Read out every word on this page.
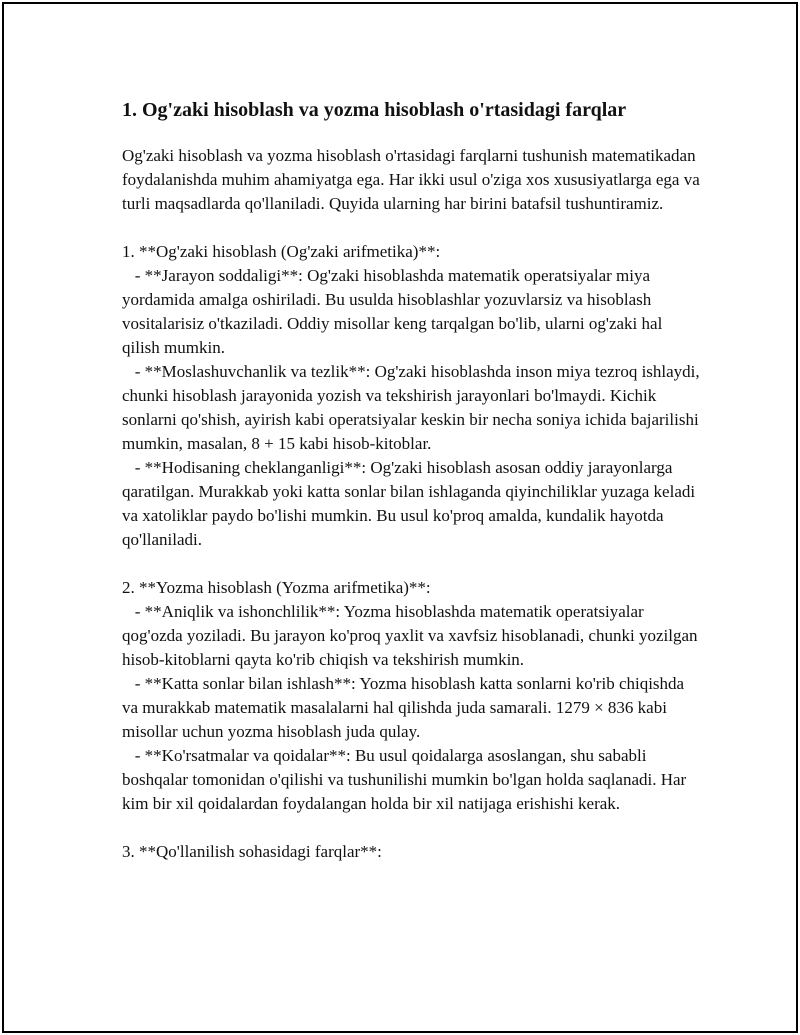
1. Og'zaki hisoblash va yozma hisoblash o'rtasidagi farqlar

Og'zaki hisoblash va yozma hisoblash o'rtasidagi farqlarni tushunish matematikadan foydalanishda muhim ahamiyatga ega. Har ikki usul o'ziga xos xususiyatlarga ega va turli maqsadlarda qo'llaniladi. Quyida ularning har birini batafsil tushuntiramiz.

1. **Og'zaki hisoblash (Og'zaki arifmetika)**:

- **Jarayon soddaligi**: Og'zaki hisoblashda matematik operatsiyalar miya yordamida amalga oshiriladi. Bu usulda hisoblashlar yozuvlarsiz va hisoblash vositalarisiz o'tkaziladi. Oddiy misollar keng tarqalgan bo'lib, ularni og'zaki hal qilish mumkin.

- **Moslashuvchanlik va tezlik**: Og'zaki hisoblashda inson miya tezroq ishlaydi, chunki hisoblash jarayonida yozish va tekshirish jarayonlari bo'lmaydi. Kichik sonlarni qo'shish, ayirish kabi operatsiyalar keskin bir necha soniya ichida bajarilishi mumkin, masalan, 8 + 15 kabi hisob-kitoblar.

- **Hodisaning cheklanganligi**: Og'zaki hisoblash asosan oddiy jarayonlarga qaratilgan. Murakkab yoki katta sonlar bilan ishlaganda qiyinchiliklar yuzaga keladi va xatoliklar paydo bo'lishi mumkin. Bu usul ko'proq amalda, kundalik hayotda qo'llaniladi.

2. **Yozma hisoblash (Yozma arifmetika)**:

- **Aniqlik va ishonchlilik**: Yozma hisoblashda matematik operatsiyalar qog'ozda yoziladi. Bu jarayon ko'proq yaxlit va xavfsiz hisoblanadi, chunki yozilgan hisob-kitoblarni qayta ko'rib chiqish va tekshirish mumkin.

- **Katta sonlar bilan ishlash**: Yozma hisoblash katta sonlarni ko'rib chiqishda va murakkab matematik masalalarni hal qilishda juda samarali. 1279 × 836 kabi misollar uchun yozma hisoblash juda qulay.

- **Ko'rsatmalar va qoidalar**: Bu usul qoidalarga asoslangan, shu sababli boshqalar tomonidan o'qilishi va tushunilishi mumkin bo'lgan holda saqlanadi. Har kim bir xil qoidalardan foydalangan holda bir xil natijaga erishishi kerak.

3. **Qo'llanilish sohasidagi farqlar**:
